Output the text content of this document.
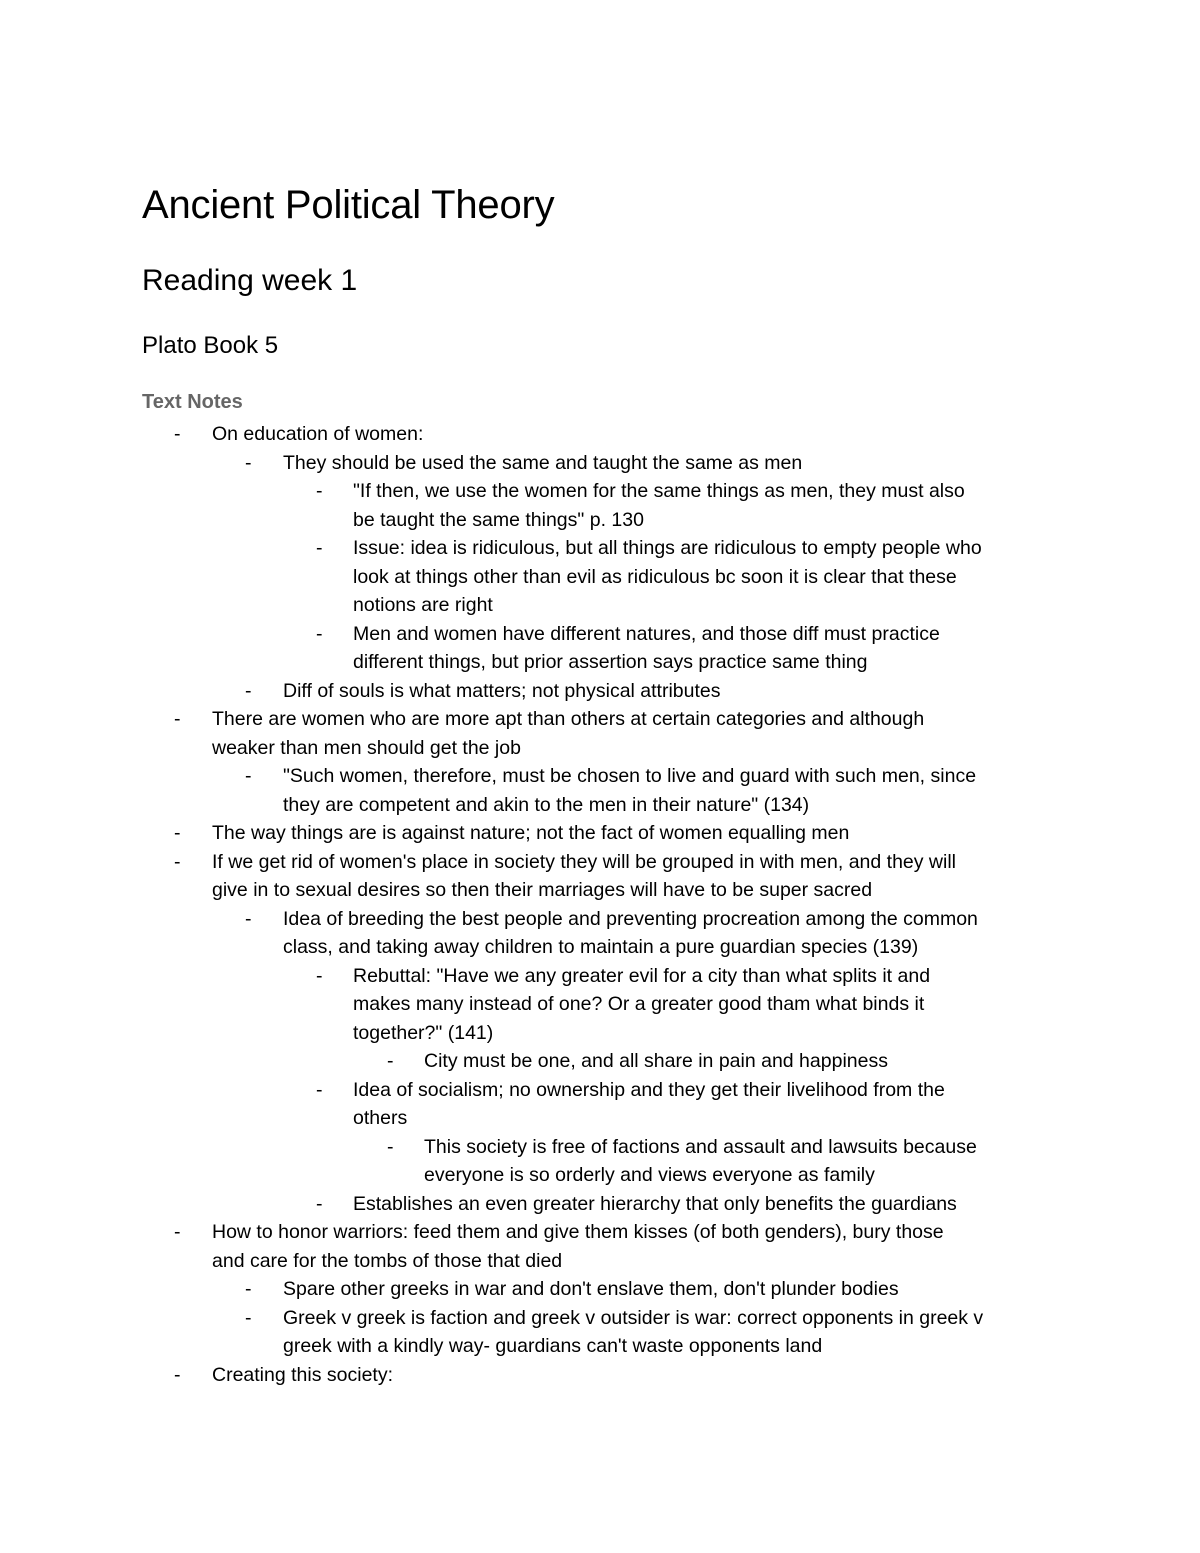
Ancient Political Theory
Reading week 1
Plato Book 5
Text Notes
- On education of women:
- They should be used the same and taught the same as men
- "If then, we use the women for the same things as men, they must also
be taught the same things" p. 130
- Issue: idea is ridiculous, but all things are ridiculous to empty people who
look at things other than evil as ridiculous bc soon it is clear that these
notions are right
- Men and women have different natures, and those diff must practice
different things, but prior assertion says practice same thing
- Diff of souls is what matters; not physical attributes
- There are women who are more apt than others at certain categories and although
weaker than men should get the job
- "Such women, therefore, must be chosen to live and guard with such men, since
they are competent and akin to the men in their nature" (134)
- The way things are is against nature; not the fact of women equalling men
- If we get rid of women's place in society they will be grouped in with men, and they will
give in to sexual desires so then their marriages will have to be super sacred
- Idea of breeding the best people and preventing procreation among the common
class, and taking away children to maintain a pure guardian species (139)
- Rebuttal: "Have we any greater evil for a city than what splits it and
makes many instead of one? Or a greater good tham what binds it
together?" (141)
- City must be one, and all share in pain and happiness
- Idea of socialism; no ownership and they get their livelihood from the
others
- This society is free of factions and assault and lawsuits because
everyone is so orderly and views everyone as family
- Establishes an even greater hierarchy that only benefits the guardians
- How to honor warriors: feed them and give them kisses (of both genders), bury those
and care for the tombs of those that died
- Spare other greeks in war and don't enslave them, don't plunder bodies
- Greek v greek is faction and greek v outsider is war: correct opponents in greek v
greek with a kindly way- guardians can't waste opponents land
- Creating this society:
